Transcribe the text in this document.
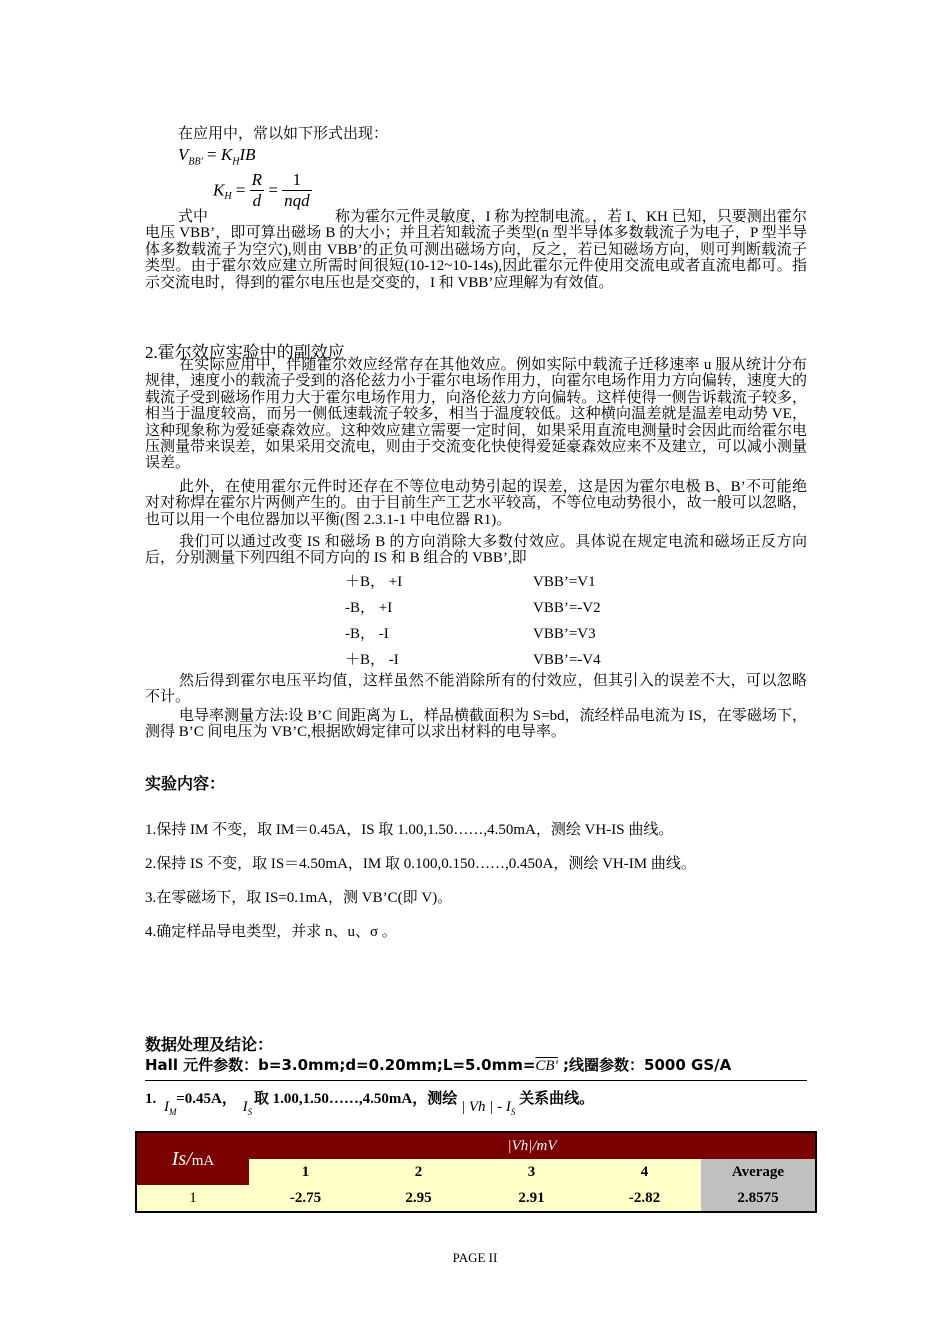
在应用中，常以如下形式出现：
$V_{BB'} = K_HIB$
$K_H = \frac{R}{d} = \frac{1}{\text{nqd}}$
式中	称为霍尔元件灵敏度，I 称为控制电流。，若 I、KH 已知，只要测出霍尔电压 VBB’，即可算出磁场 B 的大小；并且若知载流子类型(n 型半导体多数载流子为电子，P 型半导体多数载流子为空穴),则由 VBB’的正负可测出磁场方向，反之，若已知磁场方向，则可判断载流子类型。由于霍尔效应建立所需时间很短(10-12~10-14s),因此霍尔元件使用交流电或者直流电都可。指示交流电时，得到的霍尔电压也是交变的，I 和 VBB’应理解为有效值。
2.霍尔效应实验中的副效应
在实际应用中，伴随霍尔效应经常存在其他效应。例如实际中载流子迁移速率 u 服从统计分布规律，速度小的载流子受到的洛伦兹力小于霍尔电场作用力，向霍尔电场作用力方向偏转，速度大的载流子受到磁场作用力大于霍尔电场作用力，向洛伦兹力方向偏转。这样使得一侧告诉载流子较多，相当于温度较高，而另一侧低速载流子较多，相当于温度较低。这种横向温差就是温差电动势 VE，这种现象称为爱延豪森效应。这种效应建立需要一定时间，如果采用直流电测量时会因此而给霍尔电压测量带来误差，如果采用交流电，则由于交流变化快使得爱延豪森效应来不及建立，可以减小测量误差。
此外，在使用霍尔元件时还存在不等位电动势引起的误差，这是因为霍尔电极 B、B’不可能绝对对称焊在霍尔片两侧产生的。由于目前生产工艺水平较高，不等位电动势很小，故一般可以忽略，也可以用一个电位器加以平衡(图 2.3.1-1 中电位器 R1)。
我们可以通过改变 IS 和磁场 B 的方向消除大多数付效应。具体说在规定电流和磁场正反方向后，分别测量下列四组不同方向的 IS 和 B 组合的 VBB’,即
＋B， +I	VBB’=V1
-B， +I	VBB’=-V2
-B， -I	VBB’=V3
＋B， -I	VBB’=-V4
然后得到霍尔电压平均值，这样虽然不能消除所有的付效应，但其引入的误差不大，可以忽略不计。
电导率测量方法:设 B’C 间距离为 L，样品横截面积为 S=bd，流经样品电流为 IS，在零磁场下，测得 B’C 间电压为 VB’C,根据欧姆定律可以求出材料的电导率。
实验内容：
1.保持 IM 不变，取 IM＝0.45A，IS 取 1.00,1.50……,4.50mA，测绘 VH-IS 曲线。
2.保持 IS 不变，取 IS＝4.50mA，IM 取 0.100,0.150……,0.450A，测绘 VH-IM 曲线。
3.在零磁场下，取 IS=0.1mA，测 VB’C(即 V)。
4.确定样品导电类型，并求 n、u、σ 。
数据处理及结论：
Hall 元件参数：b=3.0mm;d=0.20mm;L=5.0mm=CB' ;线圈参数：5000 GS/A
1. $I_M =0.45A$， $I_S$ 取 1.00,1.50……,4.50mA，测绘 | Vh | - $I_S$ 关系曲线。
Is/mA	|Vh|/mV				
	1	2	3	4	Average
1	-2.75	2.95	2.91	-2.82	2.8575
PAGE II
